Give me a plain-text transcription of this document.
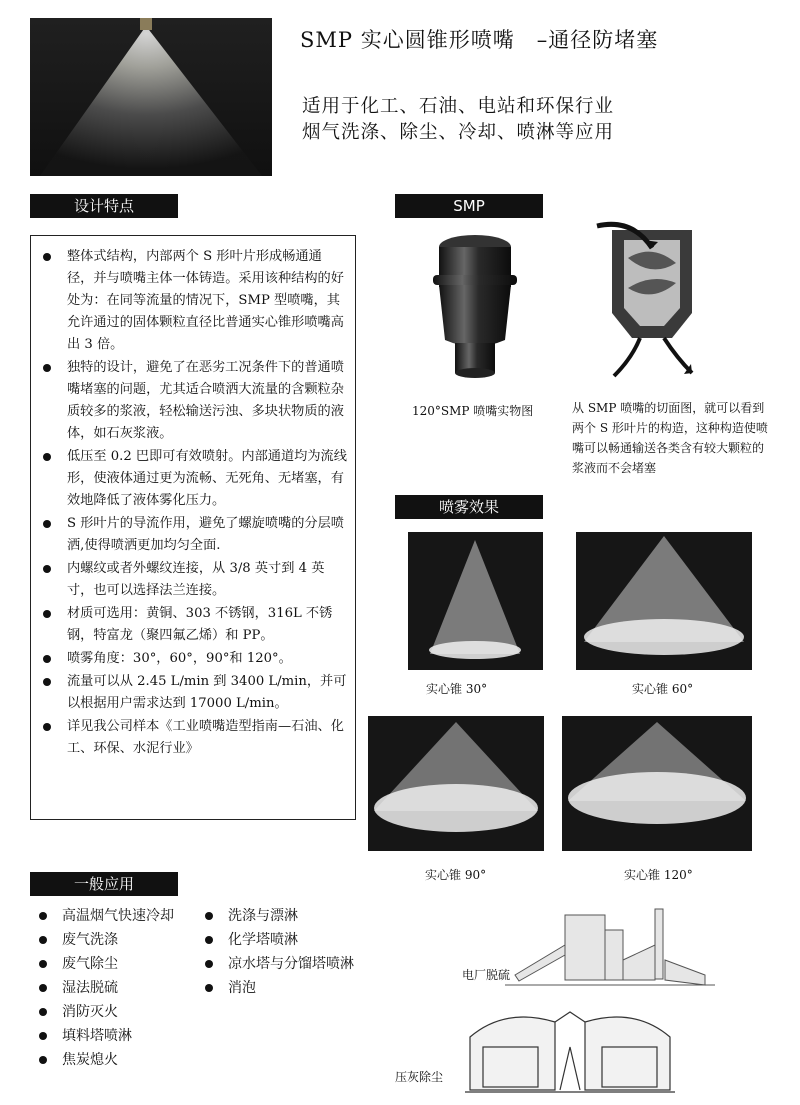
SMP 实心圆锥形喷嘴　–通径防堵塞
适用于化工、石油、电站和环保行业
烟气洗涤、除尘、冷却、喷淋等应用
设计特点	SMP
喷雾效果
一般应用
整体式结构，内部两个 S 形叶片形成畅通通径，并与喷嘴主体一体铸造。采用该种结构的好处为：在同等流量的情况下，SMP 型喷嘴，其允许通过的固体颗粒直径比普通实心锥形喷嘴高出 3 倍。
独特的设计，避免了在恶劣工况条件下的普通喷嘴堵塞的问题，尤其适合喷洒大流量的含颗粒杂质较多的浆液，轻松输送污浊、多块状物质的液体，如石灰浆液。
低压至 0.2 巴即可有效喷射。内部通道均为流线形，使液体通过更为流畅、无死角、无堵塞，有效地降低了液体雾化压力。
S 形叶片的导流作用，避免了螺旋喷嘴的分层喷洒,使得喷洒更加均匀全面.
内螺纹或者外螺纹连接，从 3/8 英寸到 4 英寸，也可以选择法兰连接。
材质可选用：黄铜、303 不锈钢，316L 不锈钢，特富龙（聚四氟乙烯）和 PP。
喷雾角度：30°，60°，90°和 120°。
流量可以从 2.45 L/min 到 3400 L/min，并可以根据用户需求达到 17000 L/min。
详见我公司样本《工业喷嘴造型指南—石油、化工、环保、水泥行业》
120°SMP 喷嘴实物图	从 SMP 喷嘴的切面图，就可以看到两个 S 形叶片的构造，这种构造使喷嘴可以畅通输送各类含有较大颗粒的浆液而不会堵塞
实心锥 30°	实心锥 60°
实心锥 90°	实心锥 120°
高温烟气快速冷却
废气洗涤
废气除尘
湿法脱硫
消防灭火
填料塔喷淋
焦炭熄火
洗涤与漂淋
化学塔喷淋
凉水塔与分馏塔喷淋
消泡
电厂脱硫
压灰除尘
